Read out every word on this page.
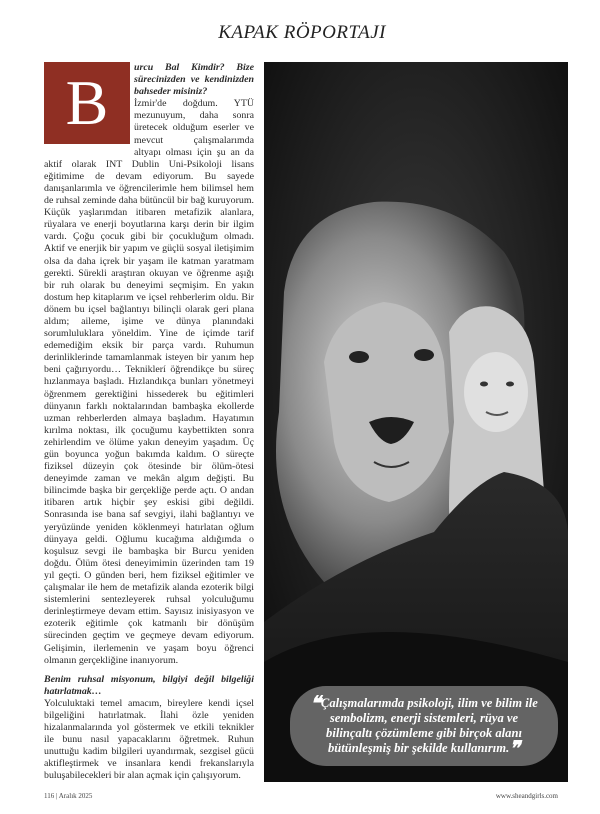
KAPAK RÖPORTAJI
B	urcu Bal Kimdir? Bize sürecinizden ve kendinizden bahseder misiniz?

İzmir'de doğdum. YTÜ mezunuyum, daha sonra üretecek olduğum eserler ve mevcut çalışmalarımda altyapı olması için şu an da aktif olarak INT Dublin Uni-Psikoloji lisans eğitimime de devam ediyorum. Bu sayede danışanlarımla ve öğrencilerimle hem bilimsel hem de ruhsal zeminde daha bütüncül bir bağ kuruyorum. Küçük yaşlarımdan itibaren metafizik alanlara, rüyalara ve enerji boyutlarına karşı derin bir ilgim vardı. Çoğu çocuk gibi bir çocukluğum olmadı. Aktif ve enerjik bir yapım ve güçlü sosyal iletişimim olsa da daha içrek bir yaşam ile katman yaratmam gerekti. Sürekli araştıran okuyan ve öğrenme aşığı bir ruh olarak bu deneyimi seçmişim. En yakın dostum hep kitaplarım ve içsel rehberlerim oldu. Bir dönem bu içsel bağlantıyı bilinçli olarak geri plana aldım; aileme, işime ve dünya planındaki sorumluluklara yöneldim. Yine de içimde tarif edemediğim eksik bir parça vardı. Ruhumun derinliklerinde tamamlanmak isteyen bir yanım hep beni çağırıyordu… Tekniklerí öğrendikçe bu süreç hızlanmaya başladı. Hızlandıkça bunları yönetmeyi öğrenmem gerektiğini hissederek bu eğitimleri dünyanın farklı noktalarından bambaşka ekollerde uzman rehberlerden almaya başladım. Hayatımın kırılma noktası, ilk çocuğumu kaybettikten sonra zehirlendim ve ölüme yakın deneyim yaşadım. Üç gün boyunca yoğun bakımda kaldım. O süreçte fiziksel düzeyin çok ötesinde bir ölüm-ötesi deneyimde zaman ve mekân algım değişti. Bu bilincimde başka bir gerçekliğe perde açtı. O andan itibaren artık hiçbir şey eskisi gibi değildi. Sonrasında ise bana saf sevgiyi, ilahi bağlantıyı ve yeryüzünde yeniden köklenmeyi hatırlatan oğlum dünyaya geldi. Oğlumu kucağıma aldığımda o koşulsuz sevgi ile bambaşka bir Burcu yeniden doğdu. Ölüm ötesi deneyimimin üzerinden tam 19 yıl geçti. O günden beri, hem fiziksel eğitimler ve çalışmalar ile hem de metafizik alanda ezoterik bilgi sistemlerini sentezleyerek ruhsal yolculuğumu derinleştirmeye devam ettim. Sayısız inisiyasyon ve ezoterik eğitimle çok katmanlı bir dönüşüm sürecinden geçtim ve geçmeye devam ediyorum. Gelişimin, ilerlemenin ve yaşam boyu öğrenci olmanın gerçekliğine inanıyorum.

Benim ruhsal misyonum, bilgiyi değil bilgeliği hatırlatmak…

Yolculuktaki temel amacım, bireylere kendi içsel bilgeliğini hatırlatmak. İlahi özle yeniden hizalanmalarında yol göstermek ve etkili teknikler ile bunu nasıl yapacaklarını öğretmek. Ruhun unuttuğu kadim bilgileri uyandırmak, sezgisel gücü aktifleştirmek ve insanlara kendi frekanslarıyla buluşabilecekleri bir alan açmak için çalışıyorum.

❝Çalışmalarımda psikoloji, ilim ve bilim ile sembolizm, enerji sistemleri, rüya ve bilinçaltı çözümleme gibi birçok alanı bütünleşmiş bir şekilde kullanırım.❞
116 | Aralık 2025	www.sheandgirls.com
